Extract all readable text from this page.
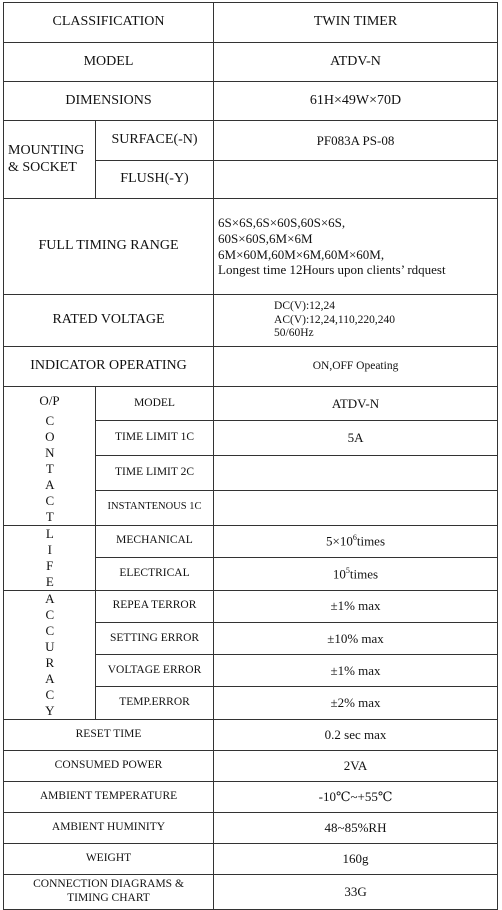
CLASSIFICATION		TWIN TIMER
MODEL		ATDV-N
DIMENSIONS		61H×49W×70D

MOUNTING
& SOCKET	SURFACE(-N)	PF083A PS-08
	FLUSH(-Y)	
FULL TIMING RANGE		6S×6S,6S×60S,60S×6S,
60S×60S,6M×6M
6M×60M,60M×6M,60M×60M,
Longest time 12Hours upon clients’ rdquest

RATED VOLTAGE		DC(V):12,24
AC(V):12,24,110,220,240
50/60Hz

INDICATOR OPERATING		ON,OFF Opeating

O/P
CONTACT	MODEL	ATDV-N
	TIME LIMIT 1C	5A
	TIME LIMIT 2C	
	INSTANTENOUS 1C	

LIFE	MECHANICAL	$5\times 10^6times$
	ELECTRICAL	$10^5times$

ACCURACY	REPEA TERROR	±1% max
	SETTING ERROR	±10% max
	VOLTAGE ERROR	±1% max
	TEMP.ERROR	±2% max
RESET TIME		0.2 sec max
CONSUMED POWER		2VA
AMBIENT TEMPERATURE		-10℃~+55℃
AMBIENT HUMINITY		48~85%RH
WEIGHT		160g

CONNECTION DIAGRAMS &
TIMING CHART		33G
